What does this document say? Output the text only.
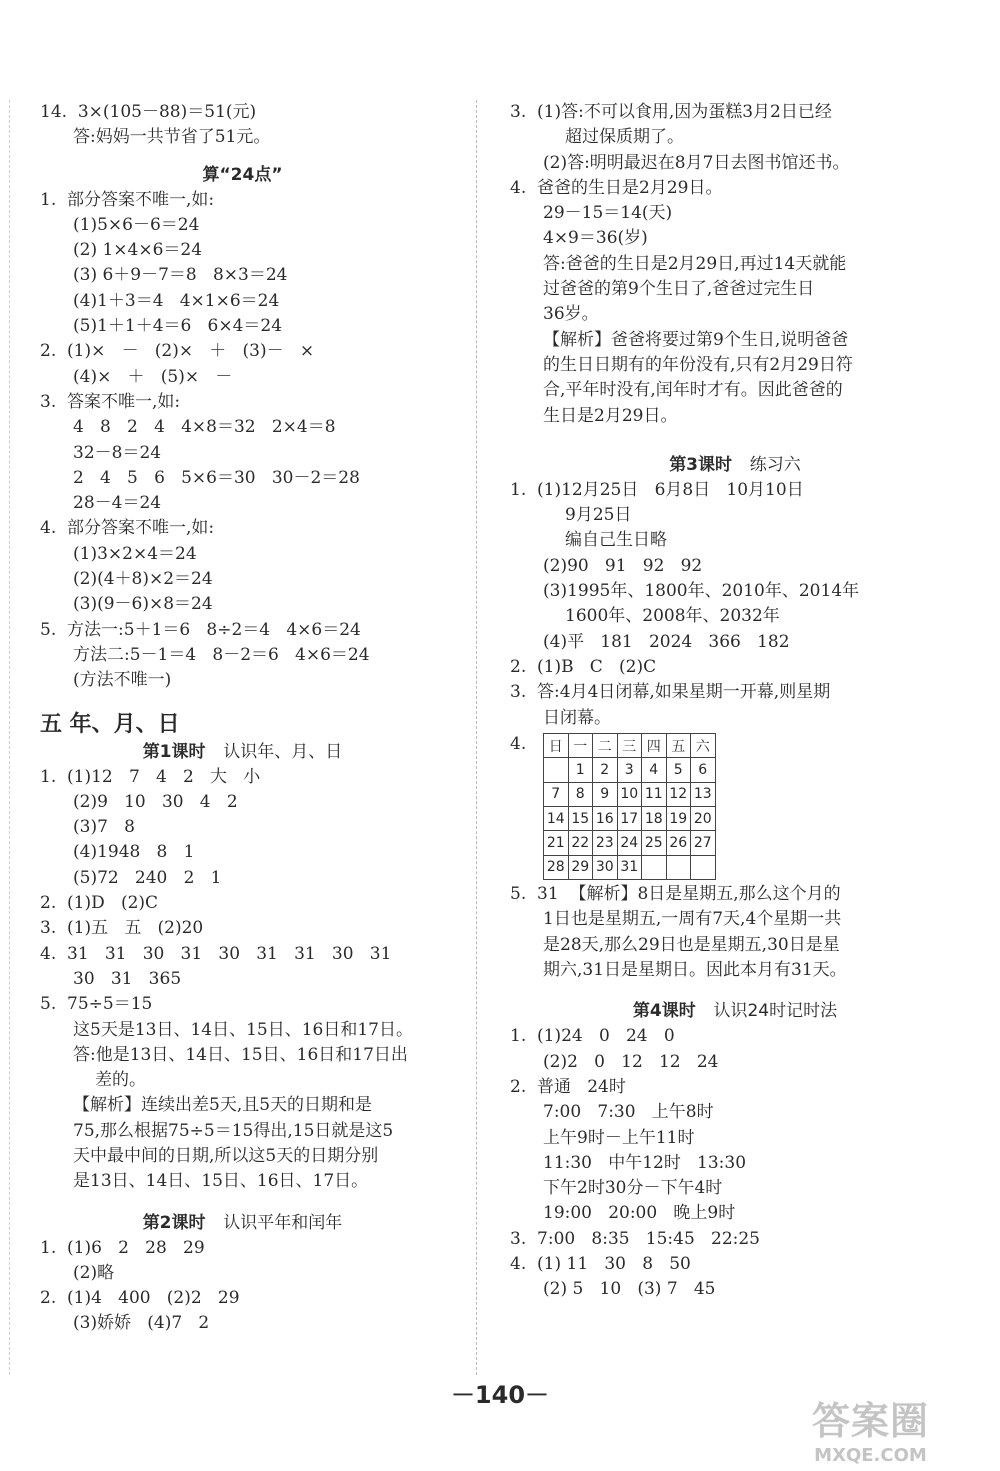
14.  3×(105－88)＝51(元)
答:妈妈一共节省了51元。
算“24点”
1.  部分答案不唯一,如:
(1)5×6－6＝24
(2) 1×4×6＝24
(3) 6＋9－7＝8   8×3＝24
(4)1＋3＝4   4×1×6＝24
(5)1＋1＋4＝6   6×4＝24
2.  (1)×   －   (2)×   ＋   (3)－   ×
(4)×   ＋   (5)×   －
3.  答案不唯一,如:
4   8   2   4   4×8＝32   2×4＝8
32－8＝24
2   4   5   6   5×6＝30   30－2＝28
28－4＝24
4.  部分答案不唯一,如:
(1)3×2×4＝24
(2)(4＋8)×2＝24
(3)(9－6)×8＝24
5.  方法一:5＋1＝6   8÷2＝4   4×6＝24
方法二:5－1＝4   8－2＝6   4×6＝24
(方法不唯一)
五 年、月、日
第1课时 认识年、月、日
1.  (1)12   7   4   2   大   小
(2)9   10   30   4   2
(3)7   8
(4)1948   8   1
(5)72   240   2   1
2.  (1)D   (2)C
3.  (1)五   五   (2)20
4.  31   31   30   31   30   31   31   30   31
30   31   365
5.  75÷5＝15
这5天是13日、14日、15日、16日和17日。
答:他是13日、14日、15日、16日和17日出
差的。
【解析】连续出差5天,且5天的日期和是
75,那么根据75÷5＝15得出,15日就是这5
天中最中间的日期,所以这5天的日期分别
是13日、14日、15日、16日、17日。
第2课时 认识平年和闰年
1.  (1)6   2   28   29
(2)略
2.  (1)4   400   (2)2   29
(3)娇娇   (4)7   2
3.  (1)答:不可以食用,因为蛋糕3月2日已经
超过保质期了。
(2)答:明明最迟在8月7日去图书馆还书。
4.  爸爸的生日是2月29日。
29－15＝14(天)
4×9＝36(岁)
答:爸爸的生日是2月29日,再过14天就能
过爸爸的第9个生日了,爸爸过完生日
36岁。
【解析】爸爸将要过第9个生日,说明爸爸
的生日日期有的年份没有,只有2月29日符
合,平年时没有,闰年时才有。因此爸爸的
生日是2月29日。
第3课时 练习六
1.  (1)12月25日   6月8日   10月10日
9月25日
编自己生日略
(2)90   91   92   92
(3)1995年、1800年、2010年、2014年
1600年、2008年、2032年
(4)平   181   2024   366   182
2.  (1)B   C   (2)C
3.  答:4月4日闭幕,如果星期一开幕,则星期
日闭幕。
4.	日	一	二	三	四	五	六
	1	2	3	4	5	6
7	8	9	10	11	12	13
14	15	16	17	18	19	20
21	22	23	24	25	26	27
28	29	30	31			
5.  31  【解析】8日是星期五,那么这个月的
1日也是星期五,一周有7天,4个星期一共
是28天,那么29日也是星期五,30日是星
期六,31日是星期日。因此本月有31天。
第4课时 认识24时记时法
1.  (1)24   0   24   0
(2)2   0   12   12   24
2.  普通   24时
7:00   7:30   上午8时
上午9时－上午11时
11:30   中午12时   13:30
下午2时30分－下午4时
19:00   20:00   晚上9时
3.  7:00   8:35   15:45   22:25
4.  (1) 11   30   8   50
(2) 5   10   (3) 7   45
－140－
答案圈
MXQE.COM
